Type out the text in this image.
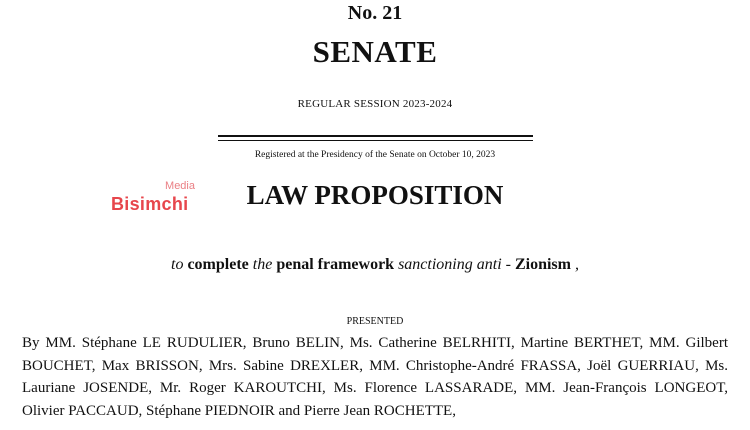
No. 21
SENATE
REGULAR SESSION 2023-2024
Registered at the Presidency of the Senate on October 10, 2023
Media
Bisimchi	LAW PROPOSITION
to complete the penal framework sanctioning anti - Zionism ,
PRESENTED
By MM. Stéphane LE RUDULIER, Bruno BELIN, Ms. Catherine BELRHITI, Martine BERTHET, MM. Gilbert BOUCHET, Max BRISSON, Mrs. Sabine DREXLER, MM. Christophe-André FRASSA, Joël GUERRIAU, Ms. Lauriane JOSENDE, Mr. Roger KAROUTCHI, Ms. Florence LASSARADE, MM. Jean-François LONGEOT, Olivier PACCAUD, Stéphane PIEDNOIR and Pierre Jean ROCHETTE,
